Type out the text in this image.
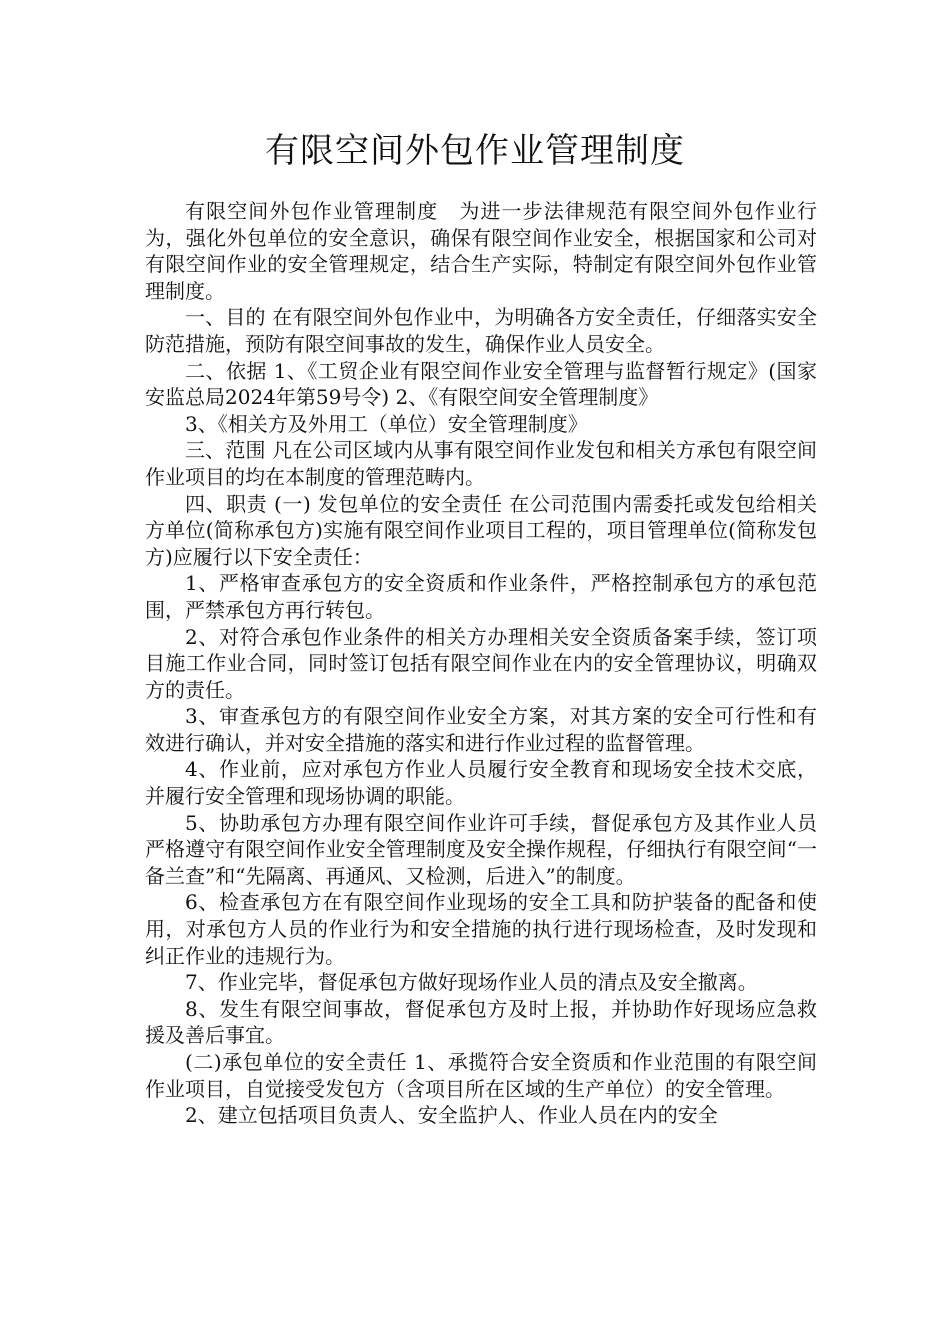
有限空间外包作业管理制度

有限空间外包作业管理制度　为进一步法律规范有限空间外包作业行为，强化外包单位的安全意识，确保有限空间作业安全，根据国家和公司对有限空间作业的安全管理规定，结合生产实际，特制定有限空间外包作业管理制度。

一、目的 在有限空间外包作业中，为明确各方安全责任，仔细落实安全防范措施，预防有限空间事故的发生，确保作业人员安全。

二、依据 1、《工贸企业有限空间作业安全管理与监督暂行规定》(国家安监总局2024年第59号令) 2、《有限空间安全管理制度》

3、《相关方及外用工（单位）安全管理制度》

三、范围 凡在公司区域内从事有限空间作业发包和相关方承包有限空间作业项目的均在本制度的管理范畴内。

四、职责 (一) 发包单位的安全责任 在公司范围内需委托或发包给相关方单位(简称承包方)实施有限空间作业项目工程的，项目管理单位(简称发包方)应履行以下安全责任：

1、严格审查承包方的安全资质和作业条件，严格控制承包方的承包范围，严禁承包方再行转包。

2、对符合承包作业条件的相关方办理相关安全资质备案手续，签订项目施工作业合同，同时签订包括有限空间作业在内的安全管理协议，明确双方的责任。

3、审查承包方的有限空间作业安全方案，对其方案的安全可行性和有效进行确认，并对安全措施的落实和进行作业过程的监督管理。

4、作业前，应对承包方作业人员履行安全教育和现场安全技术交底，并履行安全管理和现场协调的职能。

5、协助承包方办理有限空间作业许可手续，督促承包方及其作业人员严格遵守有限空间作业安全管理制度及安全操作规程，仔细执行有限空间“一备兰查”和“先隔离、再通风、又检测，后进入”的制度。

6、检查承包方在有限空间作业现场的安全工具和防护装备的配备和使用，对承包方人员的作业行为和安全措施的执行进行现场检查，及时发现和纠正作业的违规行为。

7、作业完毕，督促承包方做好现场作业人员的清点及安全撤离。

8、发生有限空间事故，督促承包方及时上报，并协助作好现场应急救援及善后事宜。

(二)承包单位的安全责任 1、承揽符合安全资质和作业范围的有限空间作业项目，自觉接受发包方（含项目所在区域的生产单位）的安全管理。

2、建立包括项目负责人、安全监护人、作业人员在内的安全
